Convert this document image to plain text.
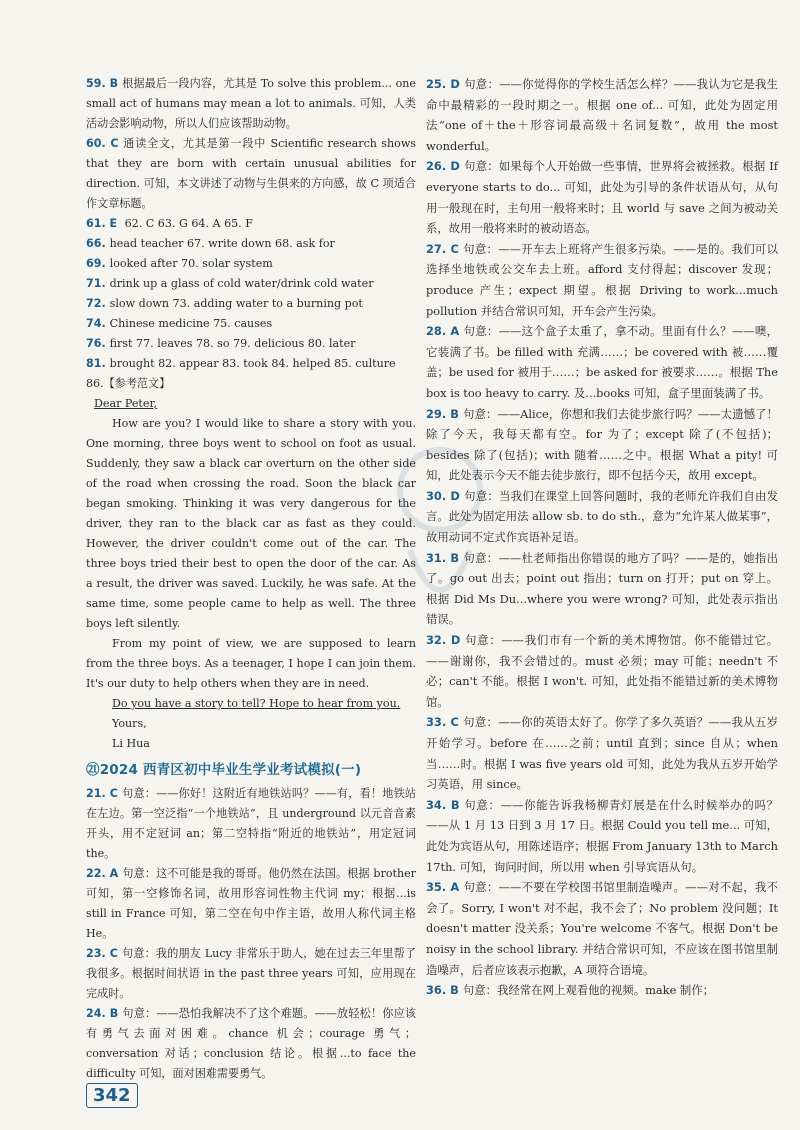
59. B 根据最后一段内容，尤其是 To solve this problem... one small act of humans may mean a lot to animals. 可知，人类活动会影响动物，所以人们应该帮助动物。

60. C 通读全文，尤其是第一段中 Scientific research shows that they are born with certain unusual abilities for direction. 可知，本文讲述了动物与生俱来的方向感，故 C 项适合作文章标题。

61. E 62. C 63. G 64. A 65. F

66. head teacher 67. write down 68. ask for

69. looked after 70. solar system

71. drink up a glass of cold water/drink cold water

72. slow down 73. adding water to a burning pot

74. Chinese medicine 75. causes

76. first 77. leaves 78. so 79. delicious 80. later

81. brought 82. appear 83. took 84. helped 85. culture

86.【参考范文】

Dear Peter,

How are you? I would like to share a story with you. One morning, three boys went to school on foot as usual. Suddenly, they saw a black car overturn on the other side of the road when crossing the road. Soon the black car began smoking. Thinking it was very dangerous for the driver, they ran to the black car as fast as they could. However, the driver couldn't come out of the car. The three boys tried their best to open the door of the car. As a result, the driver was saved. Luckily, he was safe. At the same time, some people came to help as well. The three boys left silently.

From my point of view, we are supposed to learn from the three boys. As a teenager, I hope I can join them. It's our duty to help others when they are in need.

Do you have a story to tell? Hope to hear from you.

Yours,

Li Hua

㉑2024 西青区初中毕业生学业考试模拟(一)

21. C 句意：——你好！这附近有地铁站吗？——有，看！地铁站在左边。第一空泛指“一个地铁站”，且 underground 以元音音素开头，用不定冠词 an；第二空特指“附近的地铁站”，用定冠词 the。

22. A 句意：这不可能是我的哥哥。他仍然在法国。根据 brother 可知，第一空修饰名词，故用形容词性物主代词 my；根据...is still in France 可知，第二空在句中作主语，故用人称代词主格 He。

23. C 句意：我的朋友 Lucy 非常乐于助人，她在过去三年里帮了我很多。根据时间状语 in the past three years 可知，应用现在完成时。

24. B 句意：——恐怕我解决不了这个难题。——放轻松！你应该有勇气去面对困难。chance 机会；courage 勇气；conversation 对话；conclusion 结论。根据...to face the difficulty 可知，面对困难需要勇气。

25. D 句意：——你觉得你的学校生活怎么样？——我认为它是我生命中最精彩的一段时期之一。根据 one of... 可知，此处为固定用法“one of＋the＋形容词最高级＋名词复数”，故用 the most wonderful。

26. D 句意：如果每个人开始做一些事情，世界将会被拯救。根据 If everyone starts to do... 可知，此处为引导的条件状语从句，从句用一般现在时，主句用一般将来时；且 world 与 save 之间为被动关系，故用一般将来时的被动语态。

27. C 句意：——开车去上班将产生很多污染。——是的。我们可以选择坐地铁或公交车去上班。afford 支付得起；discover 发现；produce 产生；expect 期望。根据 Driving to work...much pollution 并结合常识可知，开车会产生污染。

28. A 句意：——这个盒子太重了，拿不动。里面有什么？——噢，它装满了书。be filled with 充满……；be covered with 被……覆盖；be used for 被用于……；be asked for 被要求……。根据 The box is too heavy to carry. 及...books 可知，盒子里面装满了书。

29. B 句意：——Alice，你想和我们去徒步旅行吗？——太遗憾了！除了今天，我每天都有空。for 为了；except 除了(不包括)；besides 除了(包括)；with 随着……之中。根据 What a pity! 可知，此处表示今天不能去徒步旅行，即不包括今天，故用 except。

30. D 句意：当我们在课堂上回答问题时，我的老师允许我们自由发言。此处为固定用法 allow sb. to do sth.，意为“允许某人做某事”，故用动词不定式作宾语补足语。

31. B 句意：——杜老师指出你错误的地方了吗？——是的，她指出了。go out 出去；point out 指出；turn on 打开；put on 穿上。根据 Did Ms Du...where you were wrong? 可知，此处表示指出错误。

32. D 句意：——我们市有一个新的美术博物馆。你不能错过它。——谢谢你，我不会错过的。must 必须；may 可能；needn't 不必；can't 不能。根据 I won't. 可知，此处指不能错过新的美术博物馆。

33. C 句意：——你的英语太好了。你学了多久英语？——我从五岁开始学习。before 在……之前；until 直到；since 自从；when 当……时。根据 I was five years old 可知，此处为我从五岁开始学习英语，用 since。

34. B 句意：——你能告诉我杨柳青灯展是在什么时候举办的吗？——从 1 月 13 日到 3 月 17 日。根据 Could you tell me... 可知，此处为宾语从句，用陈述语序；根据 From January 13th to March 17th. 可知，询问时间，所以用 when 引导宾语从句。

35. A 句意：——不要在学校图书馆里制造噪声。——对不起，我不会了。Sorry, I won't 对不起，我不会了；No problem 没问题；It doesn't matter 没关系；You're welcome 不客气。根据 Don't be noisy in the school library. 并结合常识可知，不应该在图书馆里制造噪声，后者应该表示抱歉，A 项符合语境。

36. B 句意：我经常在网上观看他的视频。make 制作；

342
